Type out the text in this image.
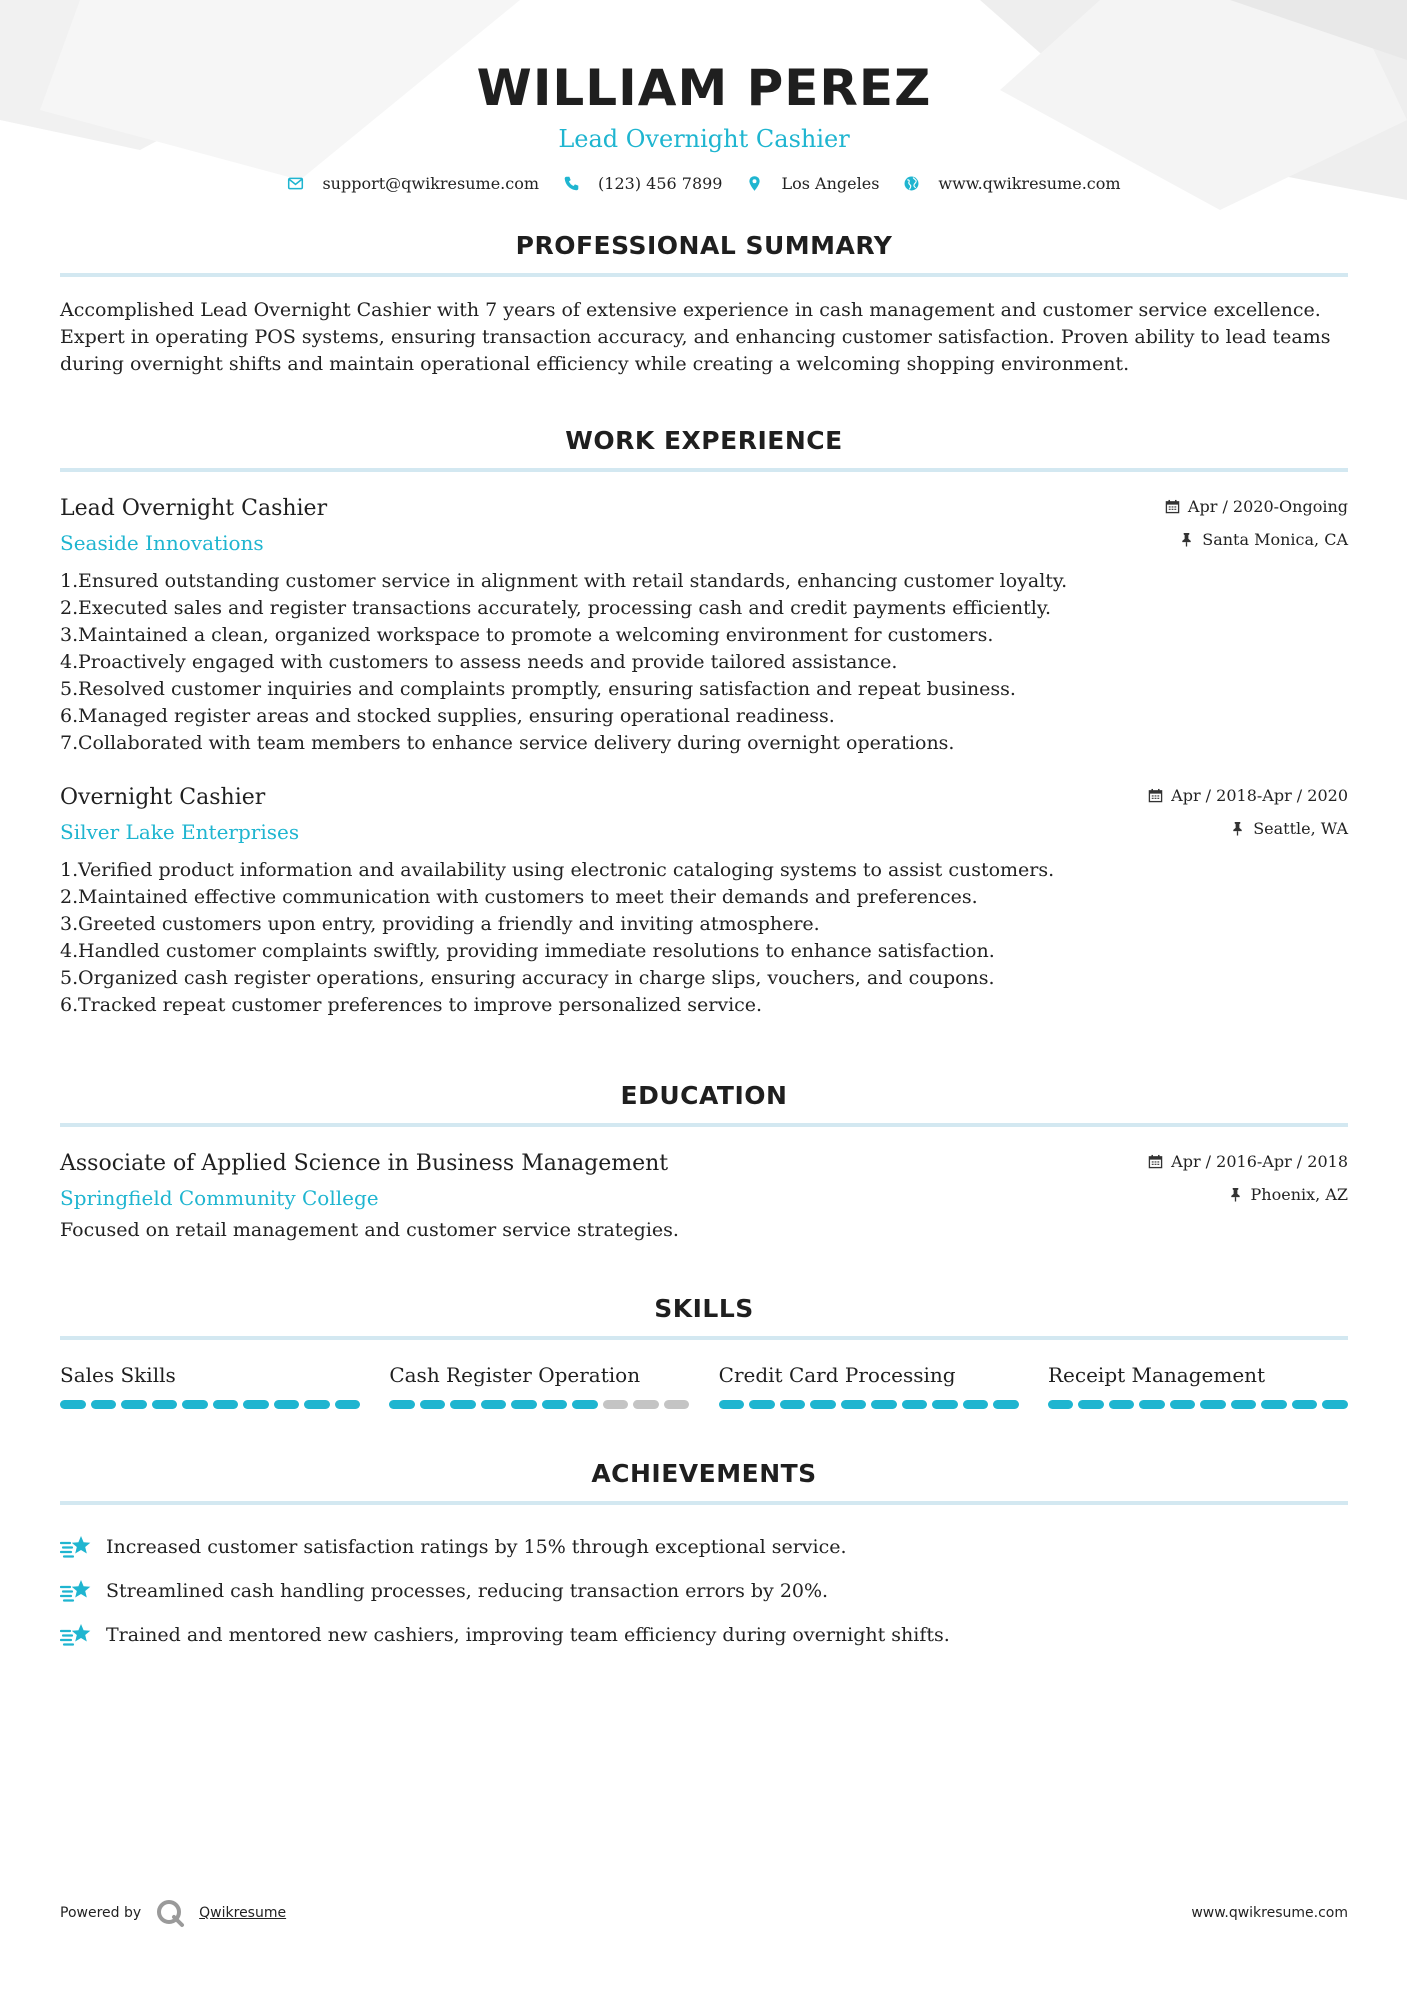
WILLIAM PEREZ
Lead Overnight Cashier
support@qwikresume.com	(123) 456 7899	Los Angeles	www.qwikresume.com
PROFESSIONAL SUMMARY

Accomplished Lead Overnight Cashier with 7 years of extensive experience in cash management and customer service excellence. Expert in operating POS systems, ensuring transaction accuracy, and enhancing customer satisfaction. Proven ability to lead teams during overnight shifts and maintain operational efficiency while creating a welcoming shopping environment.

WORK EXPERIENCE
Lead Overnight Cashier
Seaside Innovations
Apr / 2020-Ongoing
Santa Monica, CA
1. Ensured outstanding customer service in alignment with retail standards, enhancing customer loyalty.
2. Executed sales and register transactions accurately, processing cash and credit payments efficiently.
3. Maintained a clean, organized workspace to promote a welcoming environment for customers.
4. Proactively engaged with customers to assess needs and provide tailored assistance.
5. Resolved customer inquiries and complaints promptly, ensuring satisfaction and repeat business.
6. Managed register areas and stocked supplies, ensuring operational readiness.
7. Collaborated with team members to enhance service delivery during overnight operations.
Overnight Cashier
Silver Lake Enterprises
Apr / 2018-Apr / 2020
Seattle, WA
1. Verified product information and availability using electronic cataloging systems to assist customers.
2. Maintained effective communication with customers to meet their demands and preferences.
3. Greeted customers upon entry, providing a friendly and inviting atmosphere.
4. Handled customer complaints swiftly, providing immediate resolutions to enhance satisfaction.
5. Organized cash register operations, ensuring accuracy in charge slips, vouchers, and coupons.
6. Tracked repeat customer preferences to improve personalized service.
EDUCATION
Associate of Applied Science in Business Management
Springfield Community College
Apr / 2016-Apr / 2018
Phoenix, AZ

Focused on retail management and customer service strategies.

SKILLS
Sales Skills	Cash Register Operation	Credit Card Processing	Receipt Management
ACHIEVEMENTS
Increased customer satisfaction ratings by 15% through exceptional service.
Streamlined cash handling processes, reducing transaction errors by 20%.
Trained and mentored new cashiers, improving team efficiency during overnight shifts.
Powered by	Qwikresume	www.qwikresume.com
